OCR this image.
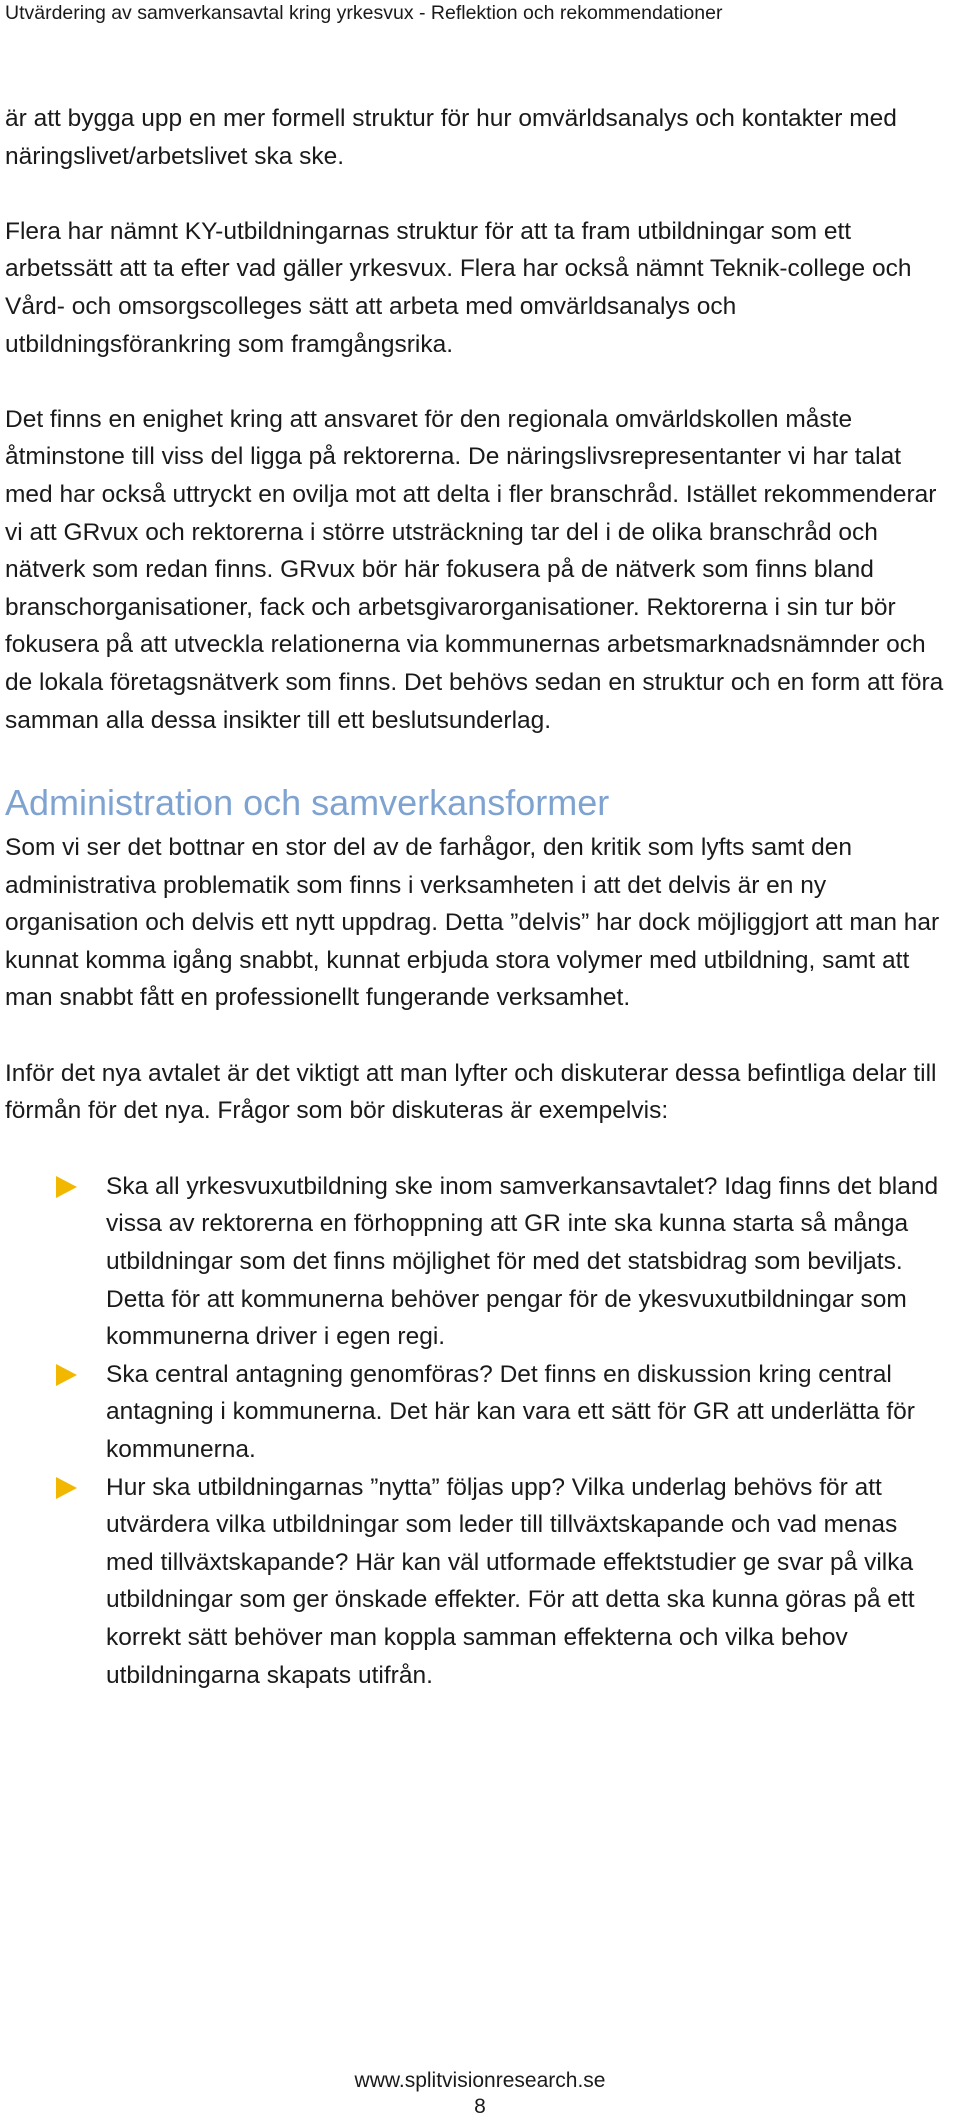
Utvärdering av samverkansavtal kring yrkesvux - Reflektion och rekommendationer

är att bygga upp en mer formell struktur för hur omvärldsanalys och kontakter med näringslivet/arbetslivet ska ske.

Flera har nämnt KY-utbildningarnas struktur för att ta fram utbildningar som ett arbetssätt att ta efter vad gäller yrkesvux. Flera har också nämnt Teknik-college och Vård- och omsorgscolleges sätt att arbeta med omvärldsanalys och utbildningsförankring som framgångsrika.

Det finns en enighet kring att ansvaret för den regionala omvärldskollen måste åtminstone till viss del ligga på rektorerna. De näringslivsrepresentanter vi har talat med har också uttryckt en ovilja mot att delta i fler branschråd. Istället rekommenderar vi att GRvux och rektorerna i större utsträckning tar del i de olika branschråd och nätverk som redan finns. GRvux bör här fokusera på de nätverk som finns bland branschorganisationer, fack och arbetsgivarorganisationer. Rektorerna i sin tur bör fokusera på att utveckla relationerna via kommunernas arbetsmarknadsnämnder och de lokala företagsnätverk som finns. Det behövs sedan en struktur och en form att föra samman alla dessa insikter till ett beslutsunderlag.

Administration och samverkansformer

Som vi ser det bottnar en stor del av de farhågor, den kritik som lyfts samt den administrativa problematik som finns i verksamheten i att det delvis är en ny organisation och delvis ett nytt uppdrag. Detta ”delvis” har dock möjliggjort att man har kunnat komma igång snabbt, kunnat erbjuda stora volymer med utbildning, samt att man snabbt fått en professionellt fungerande verksamhet.

Inför det nya avtalet är det viktigt att man lyfter och diskuterar dessa befintliga delar till förmån för det nya. Frågor som bör diskuteras är exempelvis:

Ska all yrkesvuxutbildning ske inom samverkansavtalet? Idag finns det bland vissa av rektorerna en förhoppning att GR inte ska kunna starta så många utbildningar som det finns möjlighet för med det statsbidrag som beviljats. Detta för att kommunerna behöver pengar för de ykesvuxutbildningar som kommunerna driver i egen regi.
Ska central antagning genomföras? Det finns en diskussion kring central antagning i kommunerna. Det här kan vara ett sätt för GR att underlätta för kommunerna.
Hur ska utbildningarnas ”nytta” följas upp? Vilka underlag behövs för att utvärdera vilka utbildningar som leder till tillväxtskapande och vad menas med tillväxtskapande? Här kan väl utformade effektstudier ge svar på vilka utbildningar som ger önskade effekter. För att detta ska kunna göras på ett korrekt sätt behöver man koppla samman effekterna och vilka behov utbildningarna skapats utifrån.
www.splitvisionresearch.se
8
